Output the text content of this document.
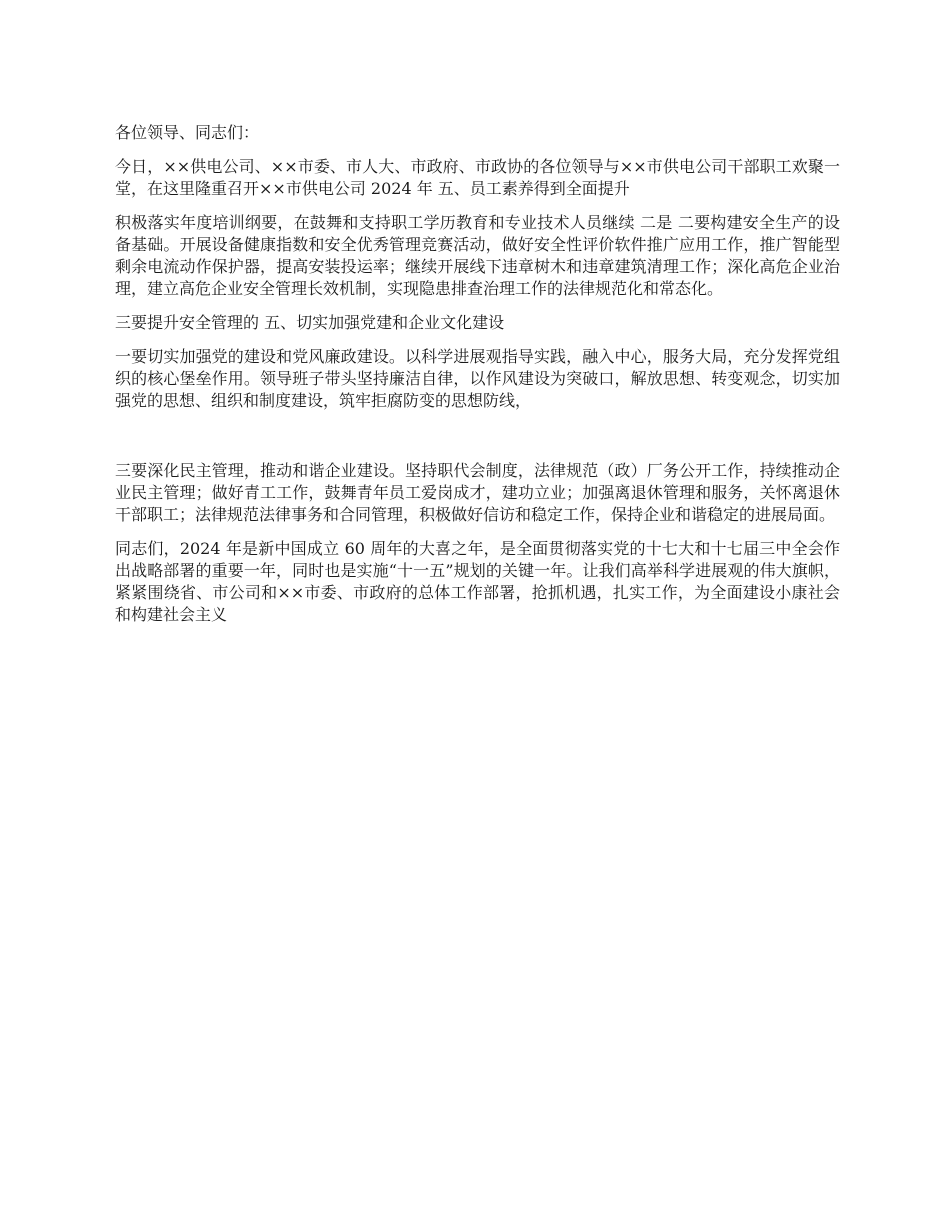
各位领导、同志们：

今日，××供电公司、××市委、市人大、市政府、市政协的各位领导与××市供电公司干部职工欢聚一堂，在这里隆重召开××市供电公司 2024 年 五、员工素养得到全面提升

积极落实年度培训纲要，在鼓舞和支持职工学历教育和专业技术人员继续 二是 二要构建安全生产的设备基础。开展设备健康指数和安全优秀管理竞赛活动，做好安全性评价软件推广应用工作，推广智能型剩余电流动作保护器，提高安装投运率；继续开展线下违章树木和违章建筑清理工作；深化高危企业治理，建立高危企业安全管理长效机制，实现隐患排查治理工作的法律规范化和常态化。

三要提升安全管理的 五、切实加强党建和企业文化建设

一要切实加强党的建设和党风廉政建设。以科学进展观指导实践，融入中心，服务大局，充分发挥党组织的核心堡垒作用。领导班子带头坚持廉洁自律，以作风建设为突破口，解放思想、转变观念，切实加强党的思想、组织和制度建设，筑牢拒腐防变的思想防线，

三要深化民主管理，推动和谐企业建设。坚持职代会制度，法律规范（政）厂务公开工作，持续推动企业民主管理；做好青工工作，鼓舞青年员工爱岗成才，建功立业；加强离退休管理和服务，关怀离退休干部职工；法律规范法律事务和合同管理，积极做好信访和稳定工作，保持企业和谐稳定的进展局面。

同志们，2024 年是新中国成立 60 周年的大喜之年，是全面贯彻落实党的十七大和十七届三中全会作出战略部署的重要一年，同时也是实施“十一五”规划的关键一年。让我们高举科学进展观的伟大旗帜，紧紧围绕省、市公司和××市委、市政府的总体工作部署，抢抓机遇，扎实工作，为全面建设小康社会和构建社会主义
